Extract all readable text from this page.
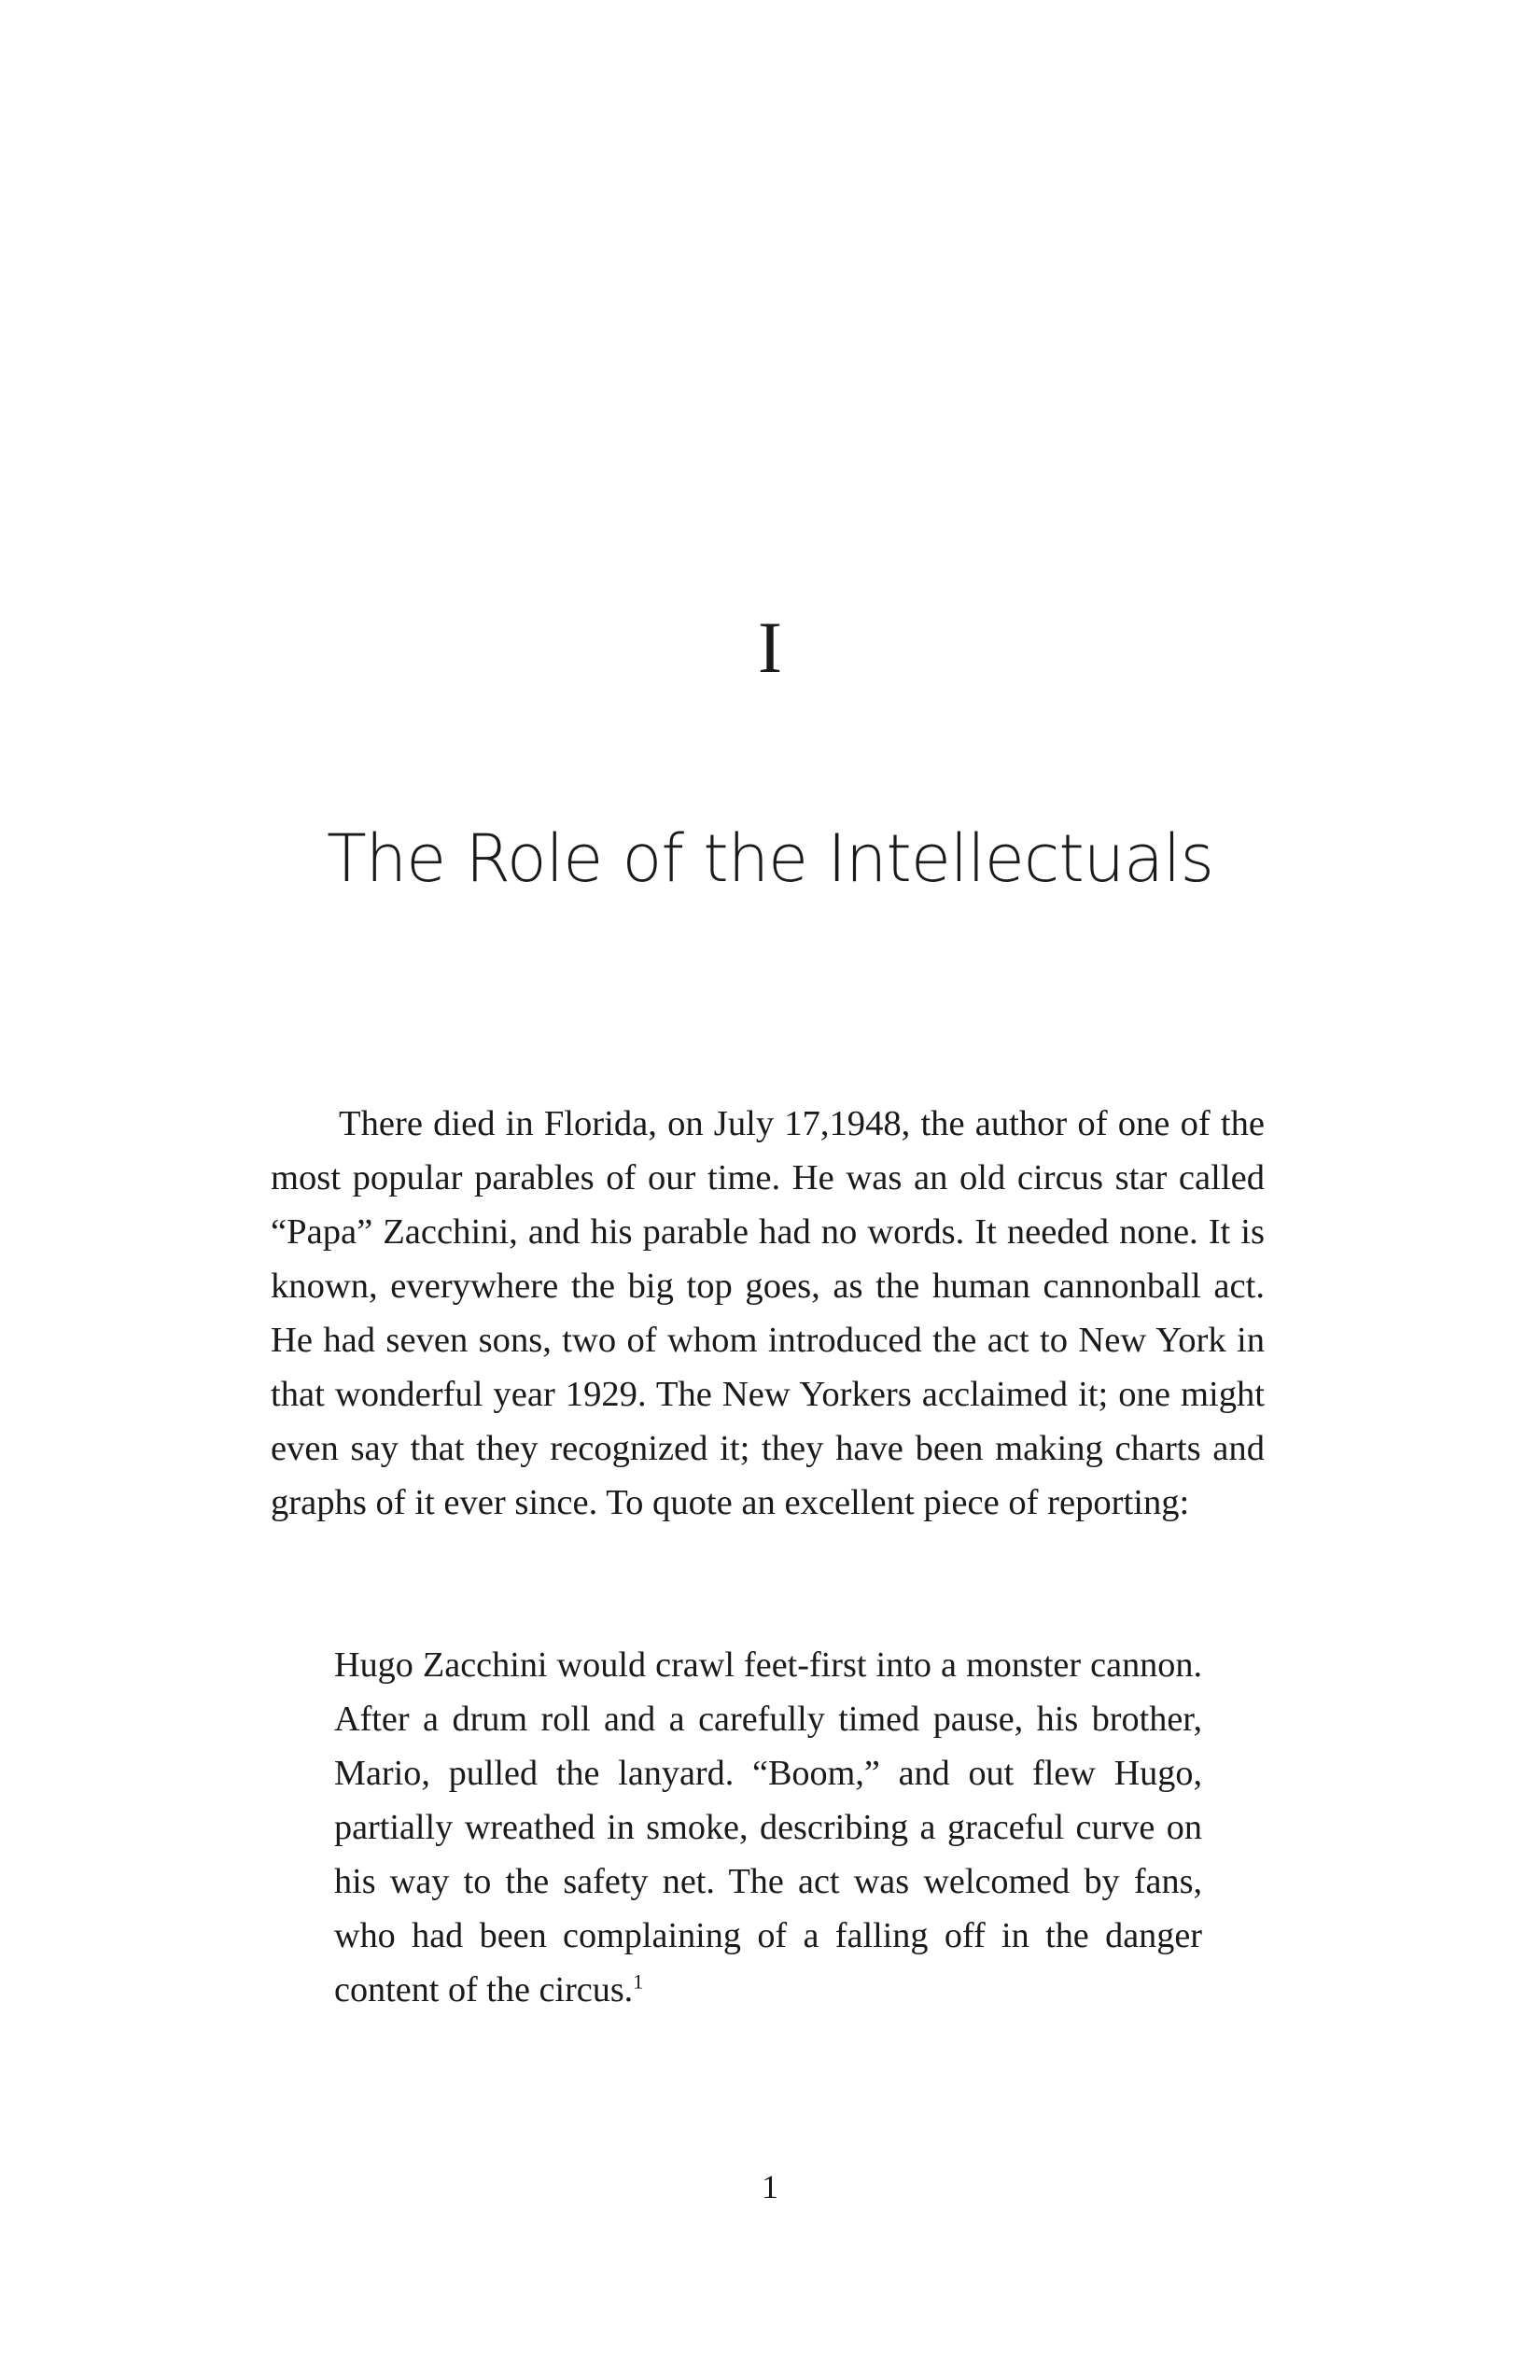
I
The Role of the Intellectuals

There died in Florida, on July 17,1948, the author of one of the most popular parables of our time. He was an old circus star called “Papa” Zacchini, and his parable had no words. It needed none. It is known, everywhere the big top goes, as the human cannonball act. He had seven sons, two of whom introduced the act to New York in that wonderful year 1929. The New Yorkers acclaimed it; one might even say that they recognized it; they have been making charts and graphs of it ever since. To quote an excellent piece of reporting:

Hugo Zacchini would crawl feet-first into a monster cannon. After a drum roll and a carefully timed pause, his brother, Mario, pulled the lanyard. “Boom,” and out flew Hugo, partially wreathed in smoke, describing a graceful curve on his way to the safety net. The act was welcomed by fans, who had been complaining of a falling off in the danger content of the circus.$^1$
1
